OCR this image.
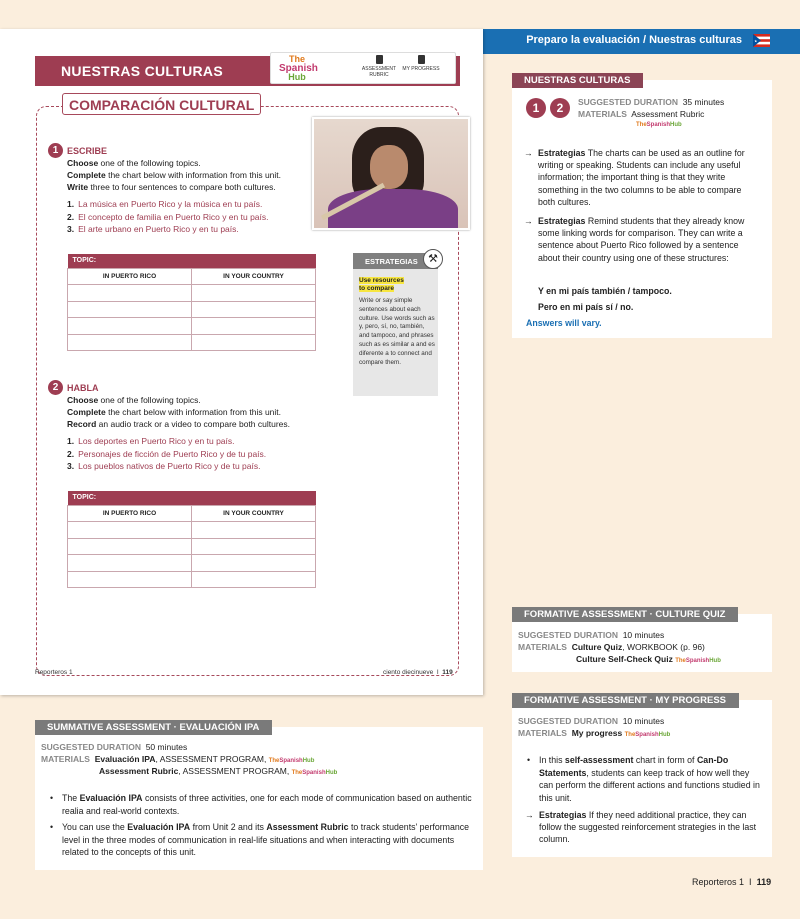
Preparo la evaluación / Nuestras culturas
NUESTRAS CULTURAS
The
Spanish
Hub
ASSESSMENT RUBRIC
MY PROGRESS
COMPARACIÓN CULTURAL
1 ESCRIBE
Choose one of the following topics.
Complete the chart below with information from this unit.
Write three to four sentences to compare both cultures.
1. La música en Puerto Rico y la música en tu país.
2. El concepto de familia en Puerto Rico y en tu país.
3. El arte urbano en Puerto Rico y en tu país.
TOPIC:	
IN PUERTO RICO	IN YOUR COUNTRY

ESTRATEGIAS ⚒
Use resources
to compare
Write or say simple sentences about each culture. Use words such as y, pero, sí, no, también, and tampoco, and phrases such as es similar a and es diferente a to connect and compare them.
2 HABLA
Choose one of the following topics.
Complete the chart below with information from this unit.
Record an audio track or a video to compare both cultures.
1. Los deportes en Puerto Rico y en tu país.
2. Personajes de ficción de Puerto Rico y de tu país.
3. Los pueblos nativos de Puerto Rico y de tu país.
TOPIC:	
IN PUERTO RICO	IN YOUR COUNTRY

Reporteros 1	ciento diecinueve  I  119
NUESTRAS CULTURAS
1	2	SUGGESTED DURATION 35 minutes
MATERIALS Assessment Rubric
TheSpanishHub
→ Estrategias The charts can be used as an outline for writing or speaking. Students can include any useful information; the important thing is that they write something in the two columns to be able to compare both cultures.
→ Estrategias Remind students that they already know some linking words for comparison. They can write a sentence about Puerto Rico followed by a sentence about their country using one of these structures:
Y en mi país también / tampoco.
Pero en mi país sí / no.
Answers will vary.
FORMATIVE ASSESSMENT · CULTURE QUIZ
SUGGESTED DURATION 10 minutes
MATERIALS Culture Quiz, WORKBOOK (p. 96)
Culture Self-Check Quiz TheSpanishHub
FORMATIVE ASSESSMENT · MY PROGRESS
SUGGESTED DURATION 10 minutes
MATERIALS My progress TheSpanishHub
• In this self-assessment chart in form of Can-Do Statements, students can keep track of how well they can perform the different actions and functions studied in this unit.
→ Estrategias If they need additional practice, they can follow the suggested reinforcement strategies in the last column.
SUMMATIVE ASSESSMENT · EVALUACIÓN IPA
SUGGESTED DURATION 50 minutes
MATERIALS Evaluación IPA, ASSESSMENT PROGRAM, TheSpanishHub
Assessment Rubric, ASSESSMENT PROGRAM, TheSpanishHub
• The Evaluación IPA consists of three activities, one for each mode of communication based on authentic realia and real-world contexts.
• You can use the Evaluación IPA from Unit 2 and its Assessment Rubric to track students' performance level in the three modes of communication in real-life situations and when interacting with documents related to the concepts of this unit.
Reporteros 1 I 119
